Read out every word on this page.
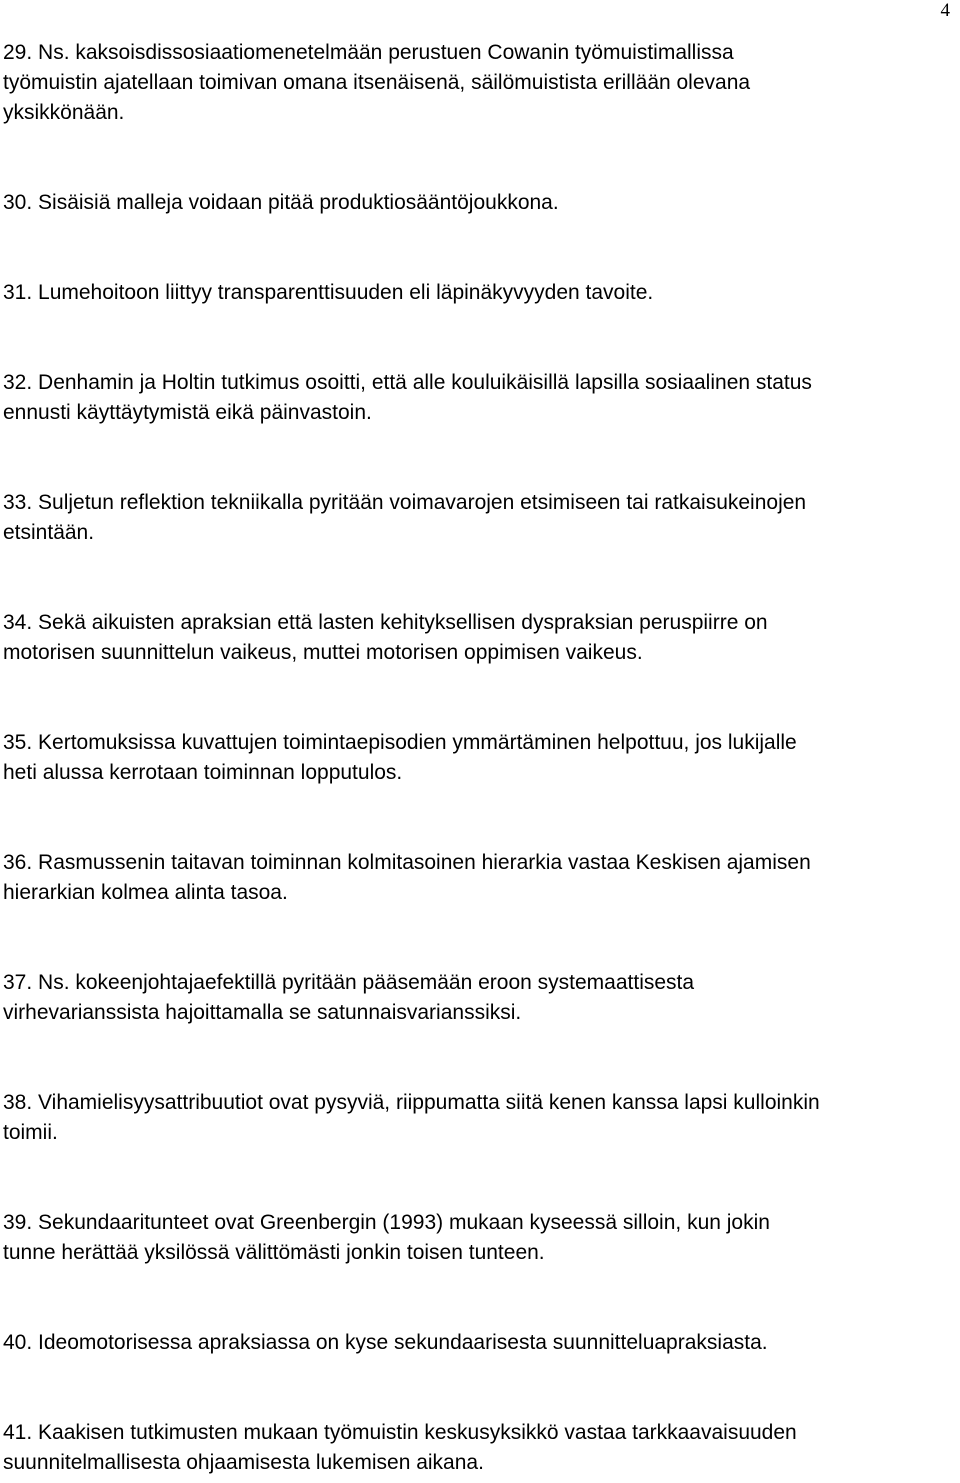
4
29. Ns. kaksoisdissosiaatiomenetelmään perustuen Cowanin työmuistimallissa
työmuistin ajatellaan toimivan omana itsenäisenä, säilömuistista erillään olevana
yksikkönään.
30. Sisäisiä malleja voidaan pitää produktiosääntöjoukkona.
31. Lumehoitoon liittyy transparenttisuuden eli läpinäkyvyyden tavoite.
32. Denhamin ja Holtin tutkimus osoitti, että alle kouluikäisillä lapsilla sosiaalinen status
ennusti käyttäytymistä eikä päinvastoin.
33. Suljetun reflektion tekniikalla pyritään voimavarojen etsimiseen tai ratkaisukeinojen
etsintään.
34. Sekä aikuisten apraksian että lasten kehityksellisen dyspraksian peruspiirre on
motorisen suunnittelun vaikeus, muttei motorisen oppimisen vaikeus.
35. Kertomuksissa kuvattujen toimintaepisodien ymmärtäminen helpottuu, jos lukijalle
heti alussa kerrotaan toiminnan lopputulos.
36. Rasmussenin taitavan toiminnan kolmitasoinen hierarkia vastaa Keskisen ajamisen
hierarkian kolmea alinta tasoa.
37. Ns. kokeenjohtajaefektillä pyritään pääsemään eroon systemaattisesta
virhevarianssista hajoittamalla se satunnaisvarianssiksi.
38. Vihamielisyysattribuutiot ovat pysyviä, riippumatta siitä kenen kanssa lapsi kulloinkin
toimii.
39. Sekundaaritunteet ovat Greenbergin (1993) mukaan kyseessä silloin, kun jokin
tunne herättää yksilössä välittömästi jonkin toisen tunteen.
40. Ideomotorisessa apraksiassa on kyse sekundaarisesta suunnitteluapraksiasta.
41. Kaakisen tutkimusten mukaan työmuistin keskusyksikkö vastaa tarkkaavaisuuden
suunnitelmallisesta ohjaamisesta lukemisen aikana.
